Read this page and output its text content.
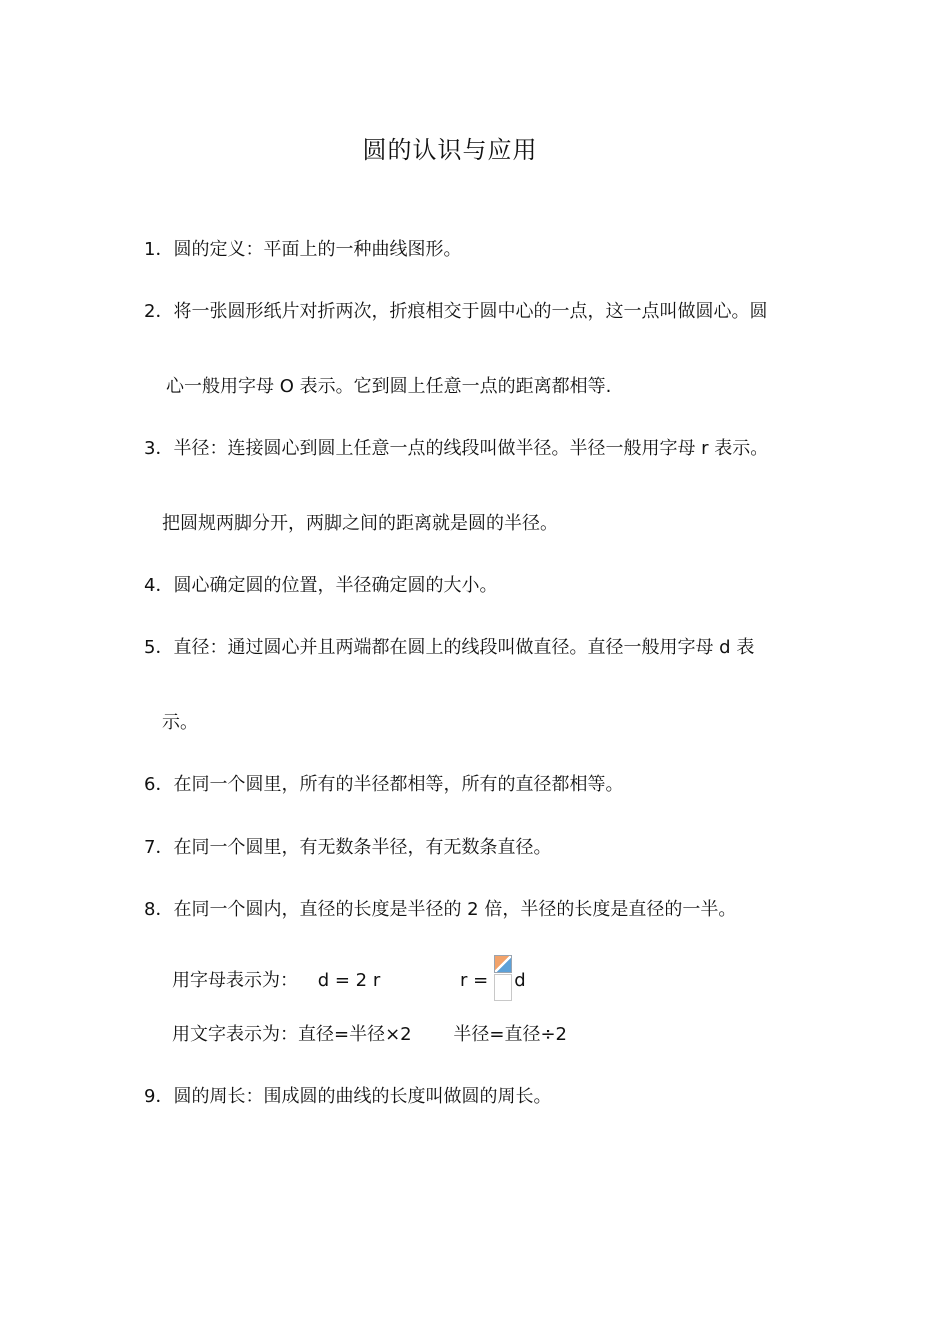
圆的认识与应用
1．圆的定义：平面上的一种曲线图形。
2．将一张圆形纸片对折两次，折痕相交于圆中心的一点，这一点叫做圆心。圆
心一般用字母 O 表示。它到圆上任意一点的距离都相等.
3．半径：连接圆心到圆上任意一点的线段叫做半径。半径一般用字母 r 表示。
把圆规两脚分开，两脚之间的距离就是圆的半径。
4．圆心确定圆的位置，半径确定圆的大小。
5．直径：通过圆心并且两端都在圆上的线段叫做直径。直径一般用字母 d 表
示。
6．在同一个圆里，所有的半径都相等，所有的直径都相等。
7．在同一个圆里，有无数条半径，有无数条直径。
8．在同一个圆内，直径的长度是半径的 2 倍，半径的长度是直径的一半。
用字母表示为： d = 2 r	r = d
用文字表示为：直径=半径×2 半径=直径÷2
9．圆的周长：围成圆的曲线的长度叫做圆的周长。
